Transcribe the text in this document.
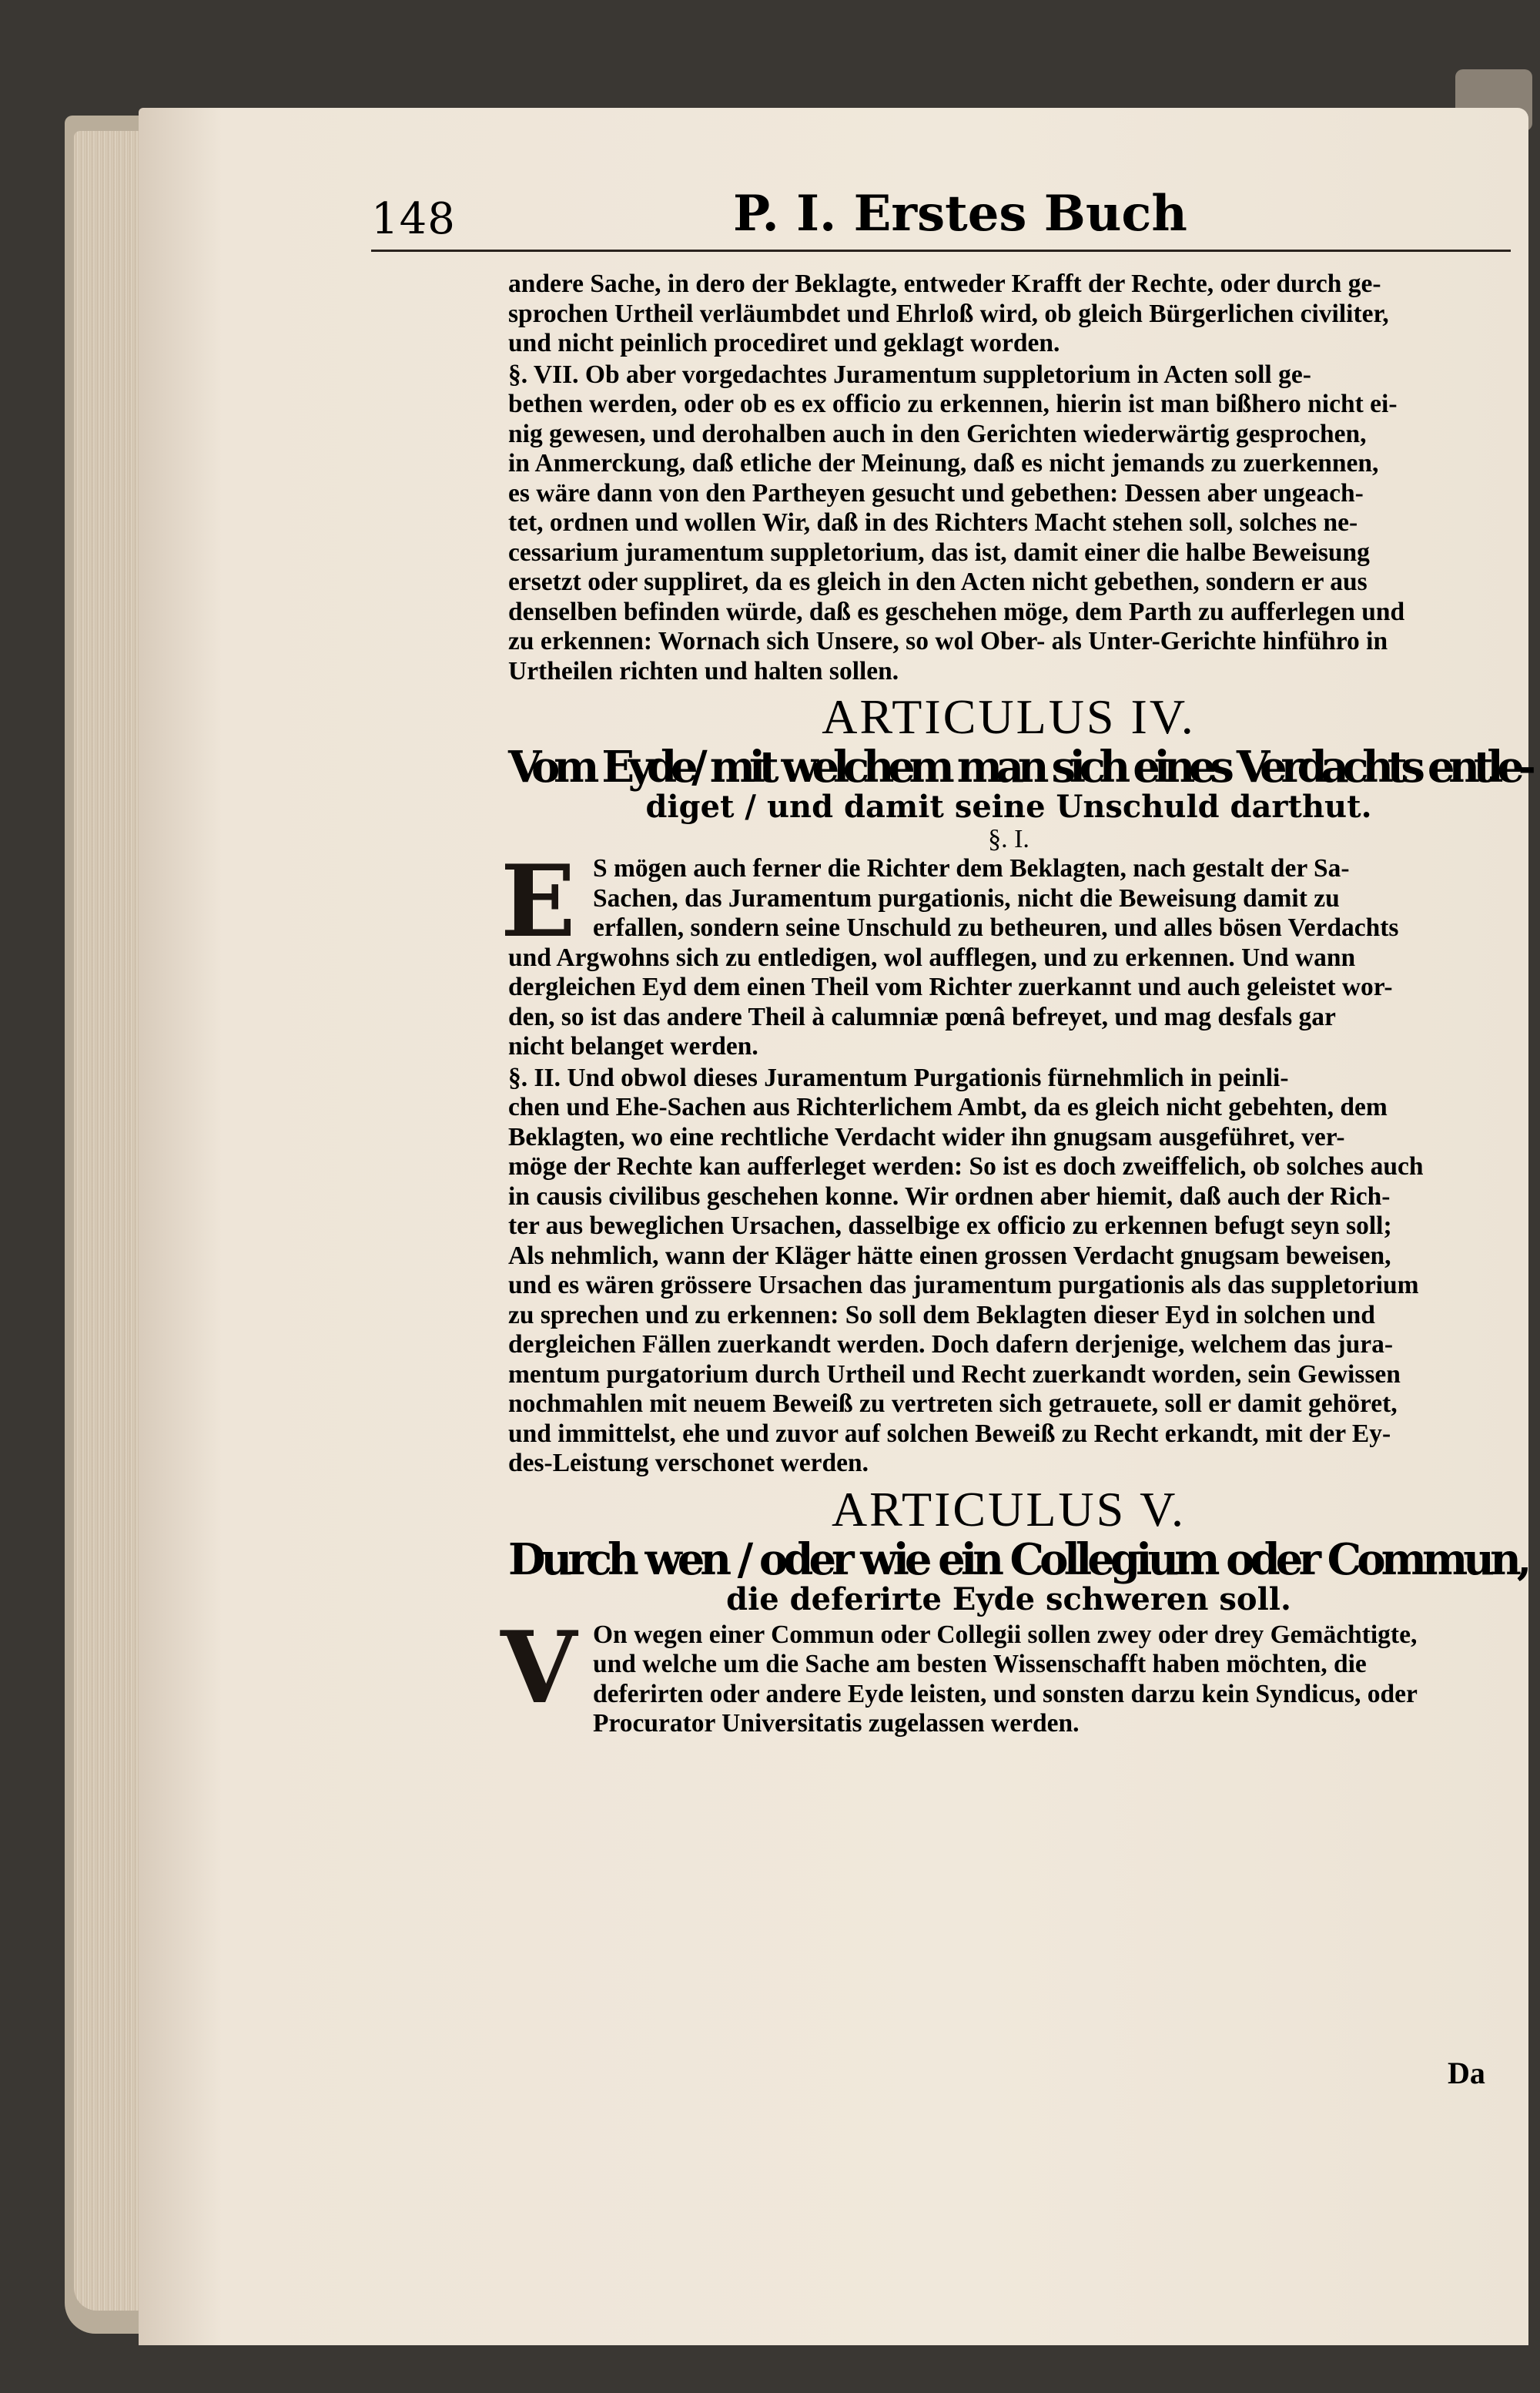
148	P. I. Erstes Buch
andere Sache, in dero der Beklagte, entweder Krafft der Rechte, oder durch ge-
sprochen Urtheil verläumbdet und Ehrloß wird, ob gleich Bürgerlichen civiliter,
und nicht peinlich procediret und geklagt worden.
§. VII. Ob aber vorgedachtes Juramentum suppletorium in Acten soll ge-
bethen werden, oder ob es ex officio zu erkennen, hierin ist man bißhero nicht ei-
nig gewesen, und derohalben auch in den Gerichten wiederwärtig gesprochen,
in Anmerckung, daß etliche der Meinung, daß es nicht jemands zu zuerkennen,
es wäre dann von den Partheyen gesucht und gebethen: Dessen aber ungeach-
tet, ordnen und wollen Wir, daß in des Richters Macht stehen soll, solches ne-
cessarium juramentum suppletorium, das ist, damit einer die halbe Beweisung
ersetzt oder suppliret, da es gleich in den Acten nicht gebethen, sondern er aus
denselben befinden würde, daß es geschehen möge, dem Parth zu aufferlegen und
zu erkennen: Wornach sich Unsere, so wol Ober- als Unter-Gerichte hinführo in
Urtheilen richten und halten sollen.
ARTICULUS IV.
Vom Eyde/ mit welchem man sich eines Verdachts entle-
diget / und damit seine Unschuld darthut.
§. I.
E S mögen auch ferner die Richter dem Beklagten, nach gestalt der Sa-
Sachen, das Juramentum purgationis, nicht die Beweisung damit zu
erfallen, sondern seine Unschuld zu betheuren, und alles bösen Verdachts
und Argwohns sich zu entledigen, wol aufflegen, und zu erkennen. Und wann
dergleichen Eyd dem einen Theil vom Richter zuerkannt und auch geleistet wor-
den, so ist das andere Theil à calumniæ pœnâ befreyet, und mag desfals gar
nicht belanget werden.
§. II. Und obwol dieses Juramentum Purgationis fürnehmlich in peinli-
chen und Ehe-Sachen aus Richterlichem Ambt, da es gleich nicht gebehten, dem
Beklagten, wo eine rechtliche Verdacht wider ihn gnugsam ausgeführet, ver-
möge der Rechte kan aufferleget werden: So ist es doch zweiffelich, ob solches auch
in causis civilibus geschehen konne. Wir ordnen aber hiemit, daß auch der Rich-
ter aus beweglichen Ursachen, dasselbige ex officio zu erkennen befugt seyn soll;
Als nehmlich, wann der Kläger hätte einen grossen Verdacht gnugsam beweisen,
und es wären grössere Ursachen das juramentum purgationis als das suppletorium
zu sprechen und zu erkennen: So soll dem Beklagten dieser Eyd in solchen und
dergleichen Fällen zuerkandt werden. Doch dafern derjenige, welchem das jura-
mentum purgatorium durch Urtheil und Recht zuerkandt worden, sein Gewissen
nochmahlen mit neuem Beweiß zu vertreten sich getrauete, soll er damit gehöret,
und immittelst, ehe und zuvor auf solchen Beweiß zu Recht erkandt, mit der Ey-
des-Leistung verschonet werden.
ARTICULUS V.
Durch wen / oder wie ein Collegium oder Commun,
die deferirte Eyde schweren soll.
V On wegen einer Commun oder Collegii sollen zwey oder drey Gemächtigte,
und welche um die Sache am besten Wissenschafft haben möchten, die
deferirten oder andere Eyde leisten, und sonsten darzu kein Syndicus, oder
Procurator Universitatis zugelassen werden.
Da
